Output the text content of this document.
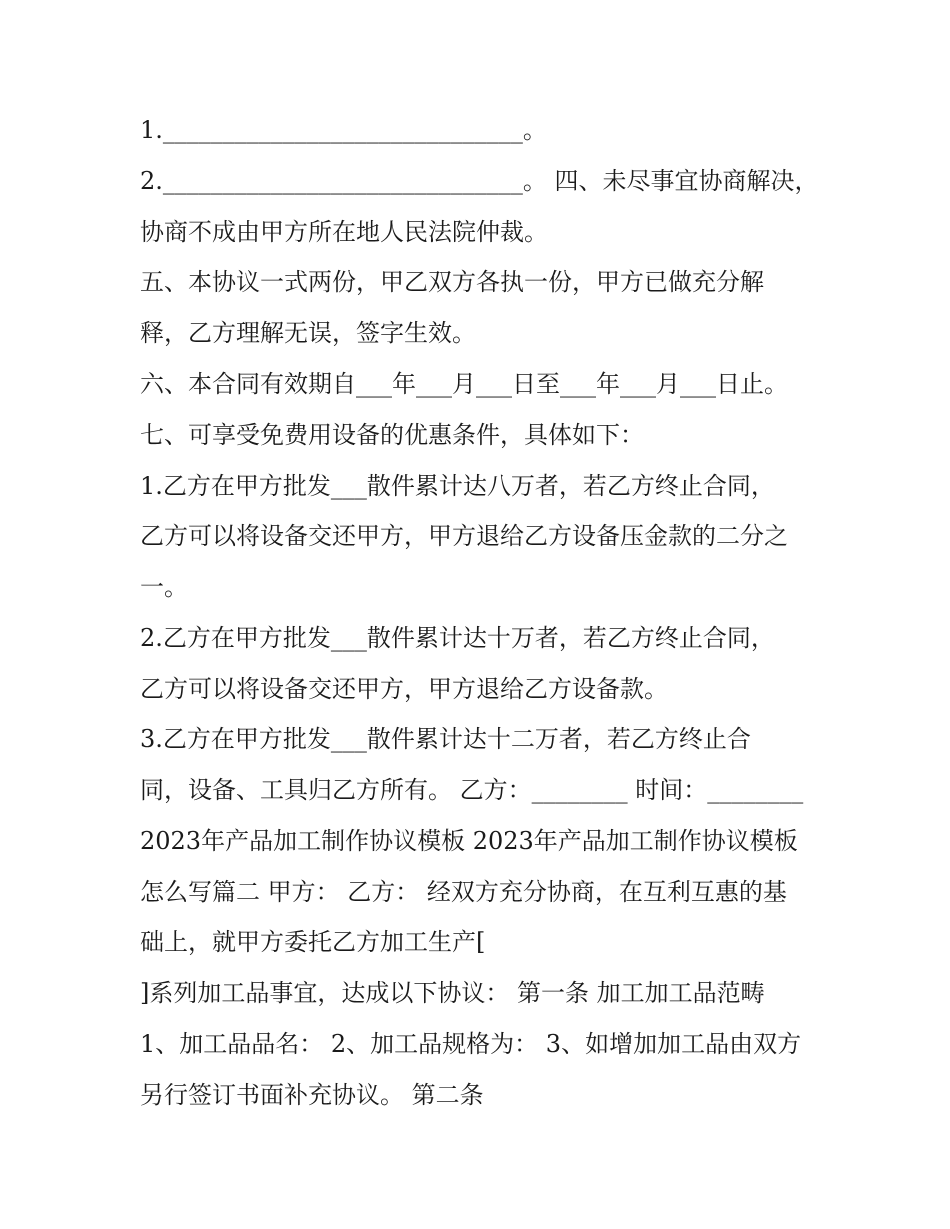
1.______________________________。
2.______________________________。 四、未尽事宜协商解决，
协商不成由甲方所在地人民法院仲裁。
五、本协议一式两份，甲乙双方各执一份，甲方已做充分解
释，乙方理解无误，签字生效。
六、本合同有效期自___年___月___日至___年___月___日止。
七、可享受免费用设备的优惠条件，具体如下：
1.乙方在甲方批发___散件累计达八万者，若乙方终止合同，
乙方可以将设备交还甲方，甲方退给乙方设备压金款的二分之
一。
2.乙方在甲方批发___散件累计达十万者，若乙方终止合同，
乙方可以将设备交还甲方，甲方退给乙方设备款。
3.乙方在甲方批发___散件累计达十二万者，若乙方终止合
同，设备、工具归乙方所有。 乙方：________ 时间：________
2023年产品加工制作协议模板 2023年产品加工制作协议模板
怎么写篇二 甲方： 乙方： 经双方充分协商，在互利互惠的基
础上，就甲方委托乙方加工生产[
]系列加工品事宜，达成以下协议： 第一条 加工加工品范畴
1、加工品品名： 2、加工品规格为： 3、如增加加工品由双方
另行签订书面补充协议。 第二条
